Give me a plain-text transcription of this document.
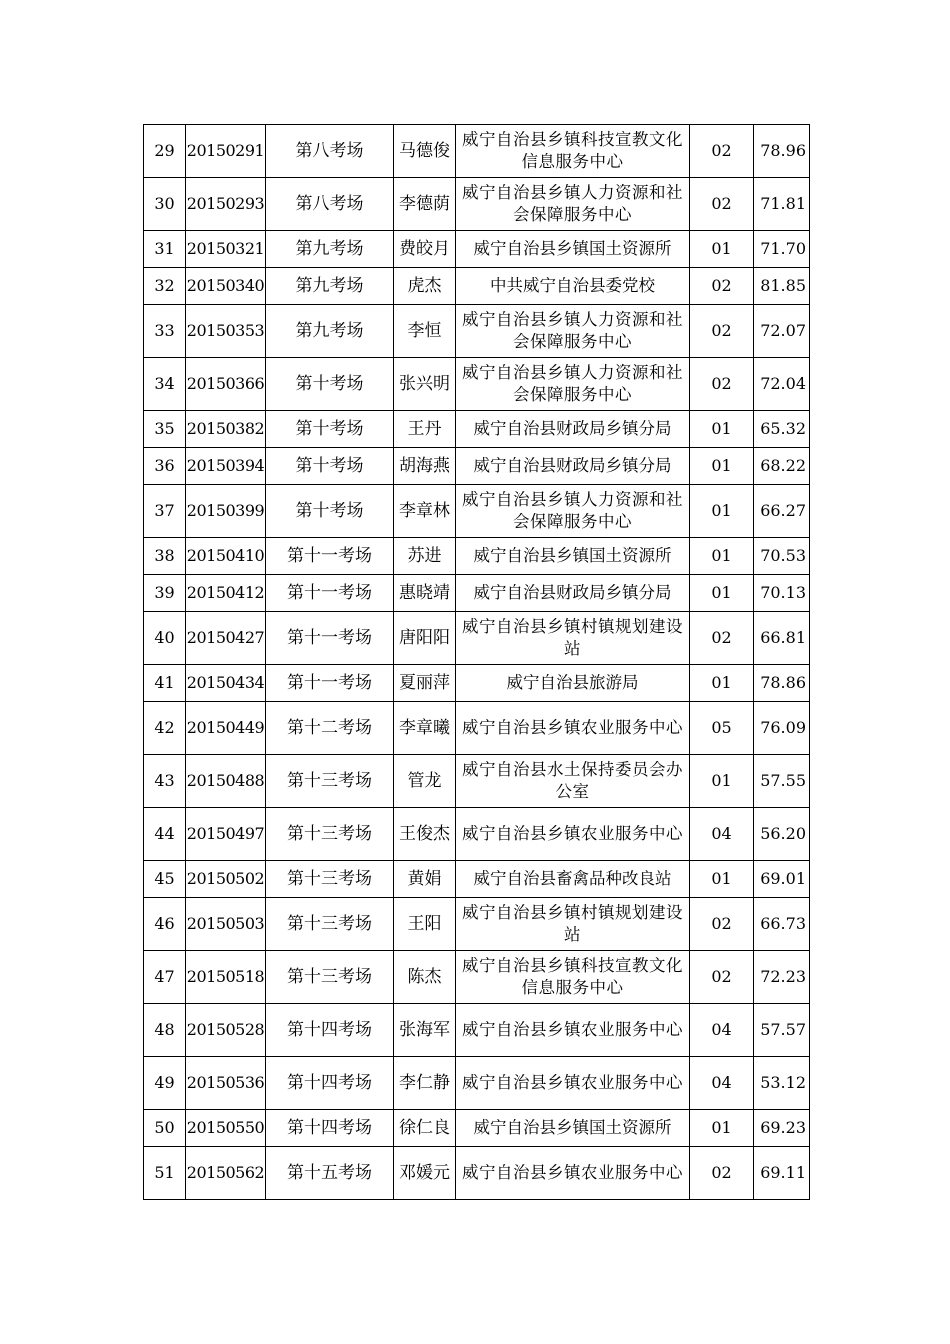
29	20150291	第八考场	马德俊	威宁自治县乡镇科技宣教文化信息服务中心	02	78.96
30	20150293	第八考场	李德荫	威宁自治县乡镇人力资源和社会保障服务中心	02	71.81
31	20150321	第九考场	费皎月	威宁自治县乡镇国土资源所	01	71.70
32	20150340	第九考场	虎杰	中共威宁自治县委党校	02	81.85
33	20150353	第九考场	李恒	威宁自治县乡镇人力资源和社会保障服务中心	02	72.07
34	20150366	第十考场	张兴明	威宁自治县乡镇人力资源和社会保障服务中心	02	72.04
35	20150382	第十考场	王丹	威宁自治县财政局乡镇分局	01	65.32
36	20150394	第十考场	胡海燕	威宁自治县财政局乡镇分局	01	68.22
37	20150399	第十考场	李章林	威宁自治县乡镇人力资源和社会保障服务中心	01	66.27
38	20150410	第十一考场	苏进	威宁自治县乡镇国土资源所	01	70.53
39	20150412	第十一考场	惠晓靖	威宁自治县财政局乡镇分局	01	70.13
40	20150427	第十一考场	唐阳阳	威宁自治县乡镇村镇规划建设站	02	66.81
41	20150434	第十一考场	夏丽萍	威宁自治县旅游局	01	78.86
42	20150449	第十二考场	李章曦	威宁自治县乡镇农业服务中心	05	76.09
43	20150488	第十三考场	管龙	威宁自治县水土保持委员会办公室	01	57.55
44	20150497	第十三考场	王俊杰	威宁自治县乡镇农业服务中心	04	56.20
45	20150502	第十三考场	黄娟	威宁自治县畜禽品种改良站	01	69.01
46	20150503	第十三考场	王阳	威宁自治县乡镇村镇规划建设站	02	66.73
47	20150518	第十三考场	陈杰	威宁自治县乡镇科技宣教文化信息服务中心	02	72.23
48	20150528	第十四考场	张海军	威宁自治县乡镇农业服务中心	04	57.57
49	20150536	第十四考场	李仁静	威宁自治县乡镇农业服务中心	04	53.12
50	20150550	第十四考场	徐仁良	威宁自治县乡镇国土资源所	01	69.23
51	20150562	第十五考场	邓媛元	威宁自治县乡镇农业服务中心	02	69.11
